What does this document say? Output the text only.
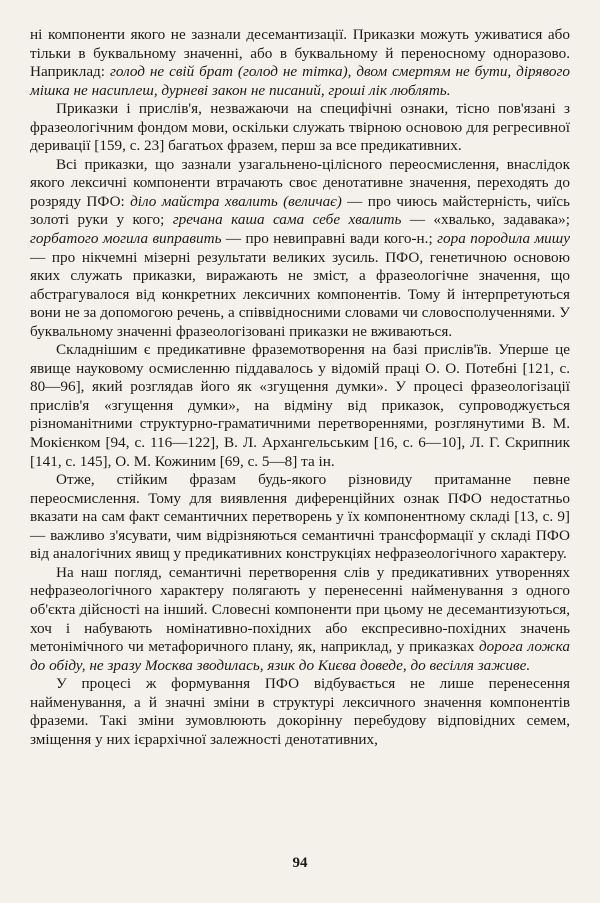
ні компоненти якого не зазнали десемантизації. Приказки можуть уживатися або тільки в буквальному значенні, або в буквальному й переносному одноразово. Наприклад: голод не свій брат (голод не тітка), двом смертям не бути, дірявого мішка не насиплеш, дурневі закон не писаний, гроші лік люблять.

Приказки і прислів'я, незважаючи на специфічні ознаки, тісно пов'язані з фразеологічним фондом мови, оскільки служать твірною основою для регресивної деривації [159, с. 23] багатьох фразем, перш за все предикативних.

Всі приказки, що зазнали узагальнено-цілісного переосмислення, внаслідок якого лексичні компоненти втрачають своє денотативне значення, переходять до розряду ПФО: діло майстра хвалить (величає) — про чиюсь майстерність, чиїсь золоті руки у кого; гречана каша сама себе хвалить — «хвалько, задавака»; горбатого могила виправить — про невиправні вади кого-н.; гора породила мишу — про нікчемні мізерні результати великих зусиль. ПФО, генетичною основою яких служать приказки, виражають не зміст, а фразеологічне значення, що абстрагувалося від конкретних лексичних компонентів. Тому й інтерпретуються вони не за допомогою речень, а співвідносними словами чи словосполученнями. У буквальному значенні фразеологізовані приказки не вживаються.

Складнішим є предикативне фраземотворення на базі прислів'їв. Уперше це явище науковому осмисленню піддавалось у відомій праці О. О. Потебні [121, с. 80—96], який розглядав його як «згущення думки». У процесі фразеологізації прислів'я «згущення думки», на відміну від приказок, супроводжується різноманітними структурно-граматичними перетвореннями, розглянутими В. М. Мокієнком [94, с. 116—122], В. Л. Архангельським [16, с. 6—10], Л. Г. Скрипник [141, с. 145], О. М. Кожиним [69, с. 5—8] та ін.

Отже, стійким фразам будь-якого різновиду притаманне певне переосмислення. Тому для виявлення диференційних ознак ПФО недостатньо вказати на сам факт семантичних перетворень у їх компонентному складі [13, с. 9] — важливо з'ясувати, чим відрізняються семантичні трансформації у складі ПФО від аналогічних явищ у предикативних конструкціях нефразеологічного характеру.

На наш погляд, семантичні перетворення слів у предикативних утвореннях нефразеологічного характеру полягають у перенесенні найменування з одного об'єкта дійсності на інший. Словесні компоненти при цьому не десемантизуються, хоч і набувають номінативно-похідних або експресивно-похідних значень метонімічного чи метафоричного плану, як, наприклад, у приказках дорога ложка до обіду, не зразу Москва зводилась, язик до Києва доведе, до весілля заживе.

У процесі ж формування ПФО відбувається не лише перенесення найменування, а й значні зміни в структурі лексичного значення компонентів фраземи. Такі зміни зумовлюють докорінну перебудову відповідних семем, зміщення у них ієрархічної залежності денотативних,

94
